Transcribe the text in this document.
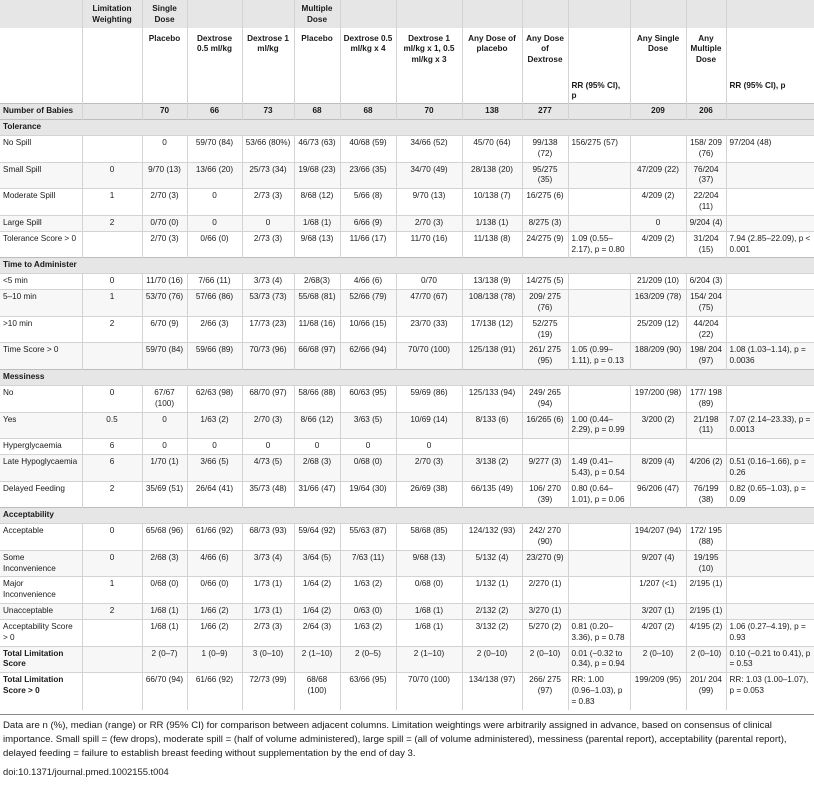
	Limitation Weighting	Single Dose			Multiple Dose								
		Placebo	Dextrose 0.5 ml/kg	Dextrose 1 ml/kg	Placebo	Dextrose 0.5 ml/kg x 4	Dextrose 1 ml/kg x 1, 0.5 ml/kg x 3	Any Dose of placebo	Any Dose of Dextrose		Any Single Dose	Any Multiple Dose	
										RR (95% CI), p			RR (95% CI), p
Number of Babies		70	66	73	68	68	70	138	277		209	206	
Tolerance													
No Spill		0	59/70 (84)	53/66 (80%)	46/73 (63)	40/68 (59)	34/66 (52)	45/70 (64)	99/138 (72)	156/275 (57)		158/ 209 (76)	97/204 (48)
Small Spill	0	9/70 (13)	13/66 (20)	25/73 (34)	19/68 (23)	23/66 (35)	34/70 (49)	28/138 (20)	95/275 (35)		47/209 (22)	76/204 (37)	
Moderate Spill	1	2/70 (3)	0	2/73 (3)	8/68 (12)	5/66 (8)	9/70 (13)	10/138 (7)	16/275 (6)		4/209 (2)	22/204 (11)	
Large Spill	2	0/70 (0)	0	0	1/68 (1)	6/66 (9)	2/70 (3)	1/138 (1)	8/275 (3)		0	9/204 (4)	
Tolerance Score > 0		2/70 (3)	0/66 (0)	2/73 (3)	9/68 (13)	11/66 (17)	11/70 (16)	11/138 (8)	24/275 (9)	1.09 (0.55–2.17), p = 0.80	4/209 (2)	31/204 (15)	7.94 (2.85–22.09), p < 0.001
Time to Administer													
<5 min	0	11/70 (16)	7/66 (11)	3/73 (4)	2/68(3)	4/66 (6)	0/70	13/138 (9)	14/275 (5)		21/209 (10)	6/204 (3)	
5–10 min	1	53/70 (76)	57/66 (86)	53/73 (73)	55/68 (81)	52/66 (79)	47/70 (67)	108/138 (78)	209/ 275 (76)		163/209 (78)	154/ 204 (75)	
>10 min	2	6/70 (9)	2/66 (3)	17/73 (23)	11/68 (16)	10/66 (15)	23/70 (33)	17/138 (12)	52/275 (19)		25/209 (12)	44/204 (22)	
Time Score > 0		59/70 (84)	59/66 (89)	70/73 (96)	66/68 (97)	62/66 (94)	70/70 (100)	125/138 (91)	261/ 275 (95)	1.05 (0.99–1.11), p = 0.13	188/209 (90)	198/ 204 (97)	1.08 (1.03–1.14), p = 0.0036
Messiness													
No	0	67/67 (100)	62/63 (98)	68/70 (97)	58/66 (88)	60/63 (95)	59/69 (86)	125/133 (94)	249/ 265 (94)		197/200 (98)	177/ 198 (89)	
Yes	0.5	0	1/63 (2)	2/70 (3)	8/66 (12)	3/63 (5)	10/69 (14)	8/133 (6)	16/265 (6)	1.00 (0.44–2.29), p = 0.99	3/200 (2)	21/198 (11)	7.07 (2.14–23.33), p = 0.0013
Hyperglycaemia	6	0	0	0	0	0	0						
Late Hypoglycaemia	6	1/70 (1)	3/66 (5)	4/73 (5)	2/68 (3)	0/68 (0)	2/70 (3)	3/138 (2)	9/277 (3)	1.49 (0.41–5.43), p = 0.54	8/209 (4)	4/206 (2)	0.51 (0.16–1.66), p = 0.26
Delayed Feeding	2	35/69 (51)	26/64 (41)	35/73 (48)	31/66 (47)	19/64 (30)	26/69 (38)	66/135 (49)	106/ 270 (39)	0.80 (0.64–1.01), p = 0.06	96/206 (47)	76/199 (38)	0.82 (0.65–1.03), p = 0.09
Acceptability													
Acceptable	0	65/68 (96)	61/66 (92)	68/73 (93)	59/64 (92)	55/63 (87)	58/68 (85)	124/132 (93)	242/ 270 (90)		194/207 (94)	172/ 195 (88)	
Some Inconvenience	0	2/68 (3)	4/66 (6)	3/73 (4)	3/64 (5)	7/63 (11)	9/68 (13)	5/132 (4)	23/270 (9)		9/207 (4)	19/195 (10)	
Major Inconvenience	1	0/68 (0)	0/66 (0)	1/73 (1)	1/64 (2)	1/63 (2)	0/68 (0)	1/132 (1)	2/270 (1)		1/207 (<1)	2/195 (1)	
Unacceptable	2	1/68 (1)	1/66 (2)	1/73 (1)	1/64 (2)	0/63 (0)	1/68 (1)	2/132 (2)	3/270 (1)		3/207 (1)	2/195 (1)	
Acceptability Score > 0		1/68 (1)	1/66 (2)	2/73 (3)	2/64 (3)	1/63 (2)	1/68 (1)	3/132 (2)	5/270 (2)	0.81 (0.20–3.36), p = 0.78	4/207 (2)	4/195 (2)	1.06 (0.27–4.19), p = 0.93
Total Limitation Score		2 (0–7)	1 (0–9)	3 (0–10)	2 (1–10)	2 (0–5)	2 (1–10)	2 (0–10)	2 (0–10)	0.01 (−0.32 to 0.34), p = 0.94	2 (0–10)	2 (0–10)	0.10 (−0.21 to 0.41), p = 0.53
Total Limitation Score > 0		66/70 (94)	61/66 (92)	72/73 (99)	68/68 (100)	63/66 (95)	70/70 (100)	134/138 (97)	266/ 275 (97)	RR: 1.00 (0.96–1.03), p = 0.83	199/209 (95)	201/ 204 (99)	RR: 1.03 (1.00–1.07), p = 0.053
Data are n (%), median (range) or RR (95% CI) for comparison between adjacent columns. Limitation weightings were arbitrarily assigned in advance, based on consensus of clinical importance. Small spill = (few drops), moderate spill = (half of volume administered), large spill = (all of volume administered), messiness (parental report), acceptability (parental report), delayed feeding = failure to establish breast feeding without supplementation by the end of day 3.
doi:10.1371/journal.pmed.1002155.t004
